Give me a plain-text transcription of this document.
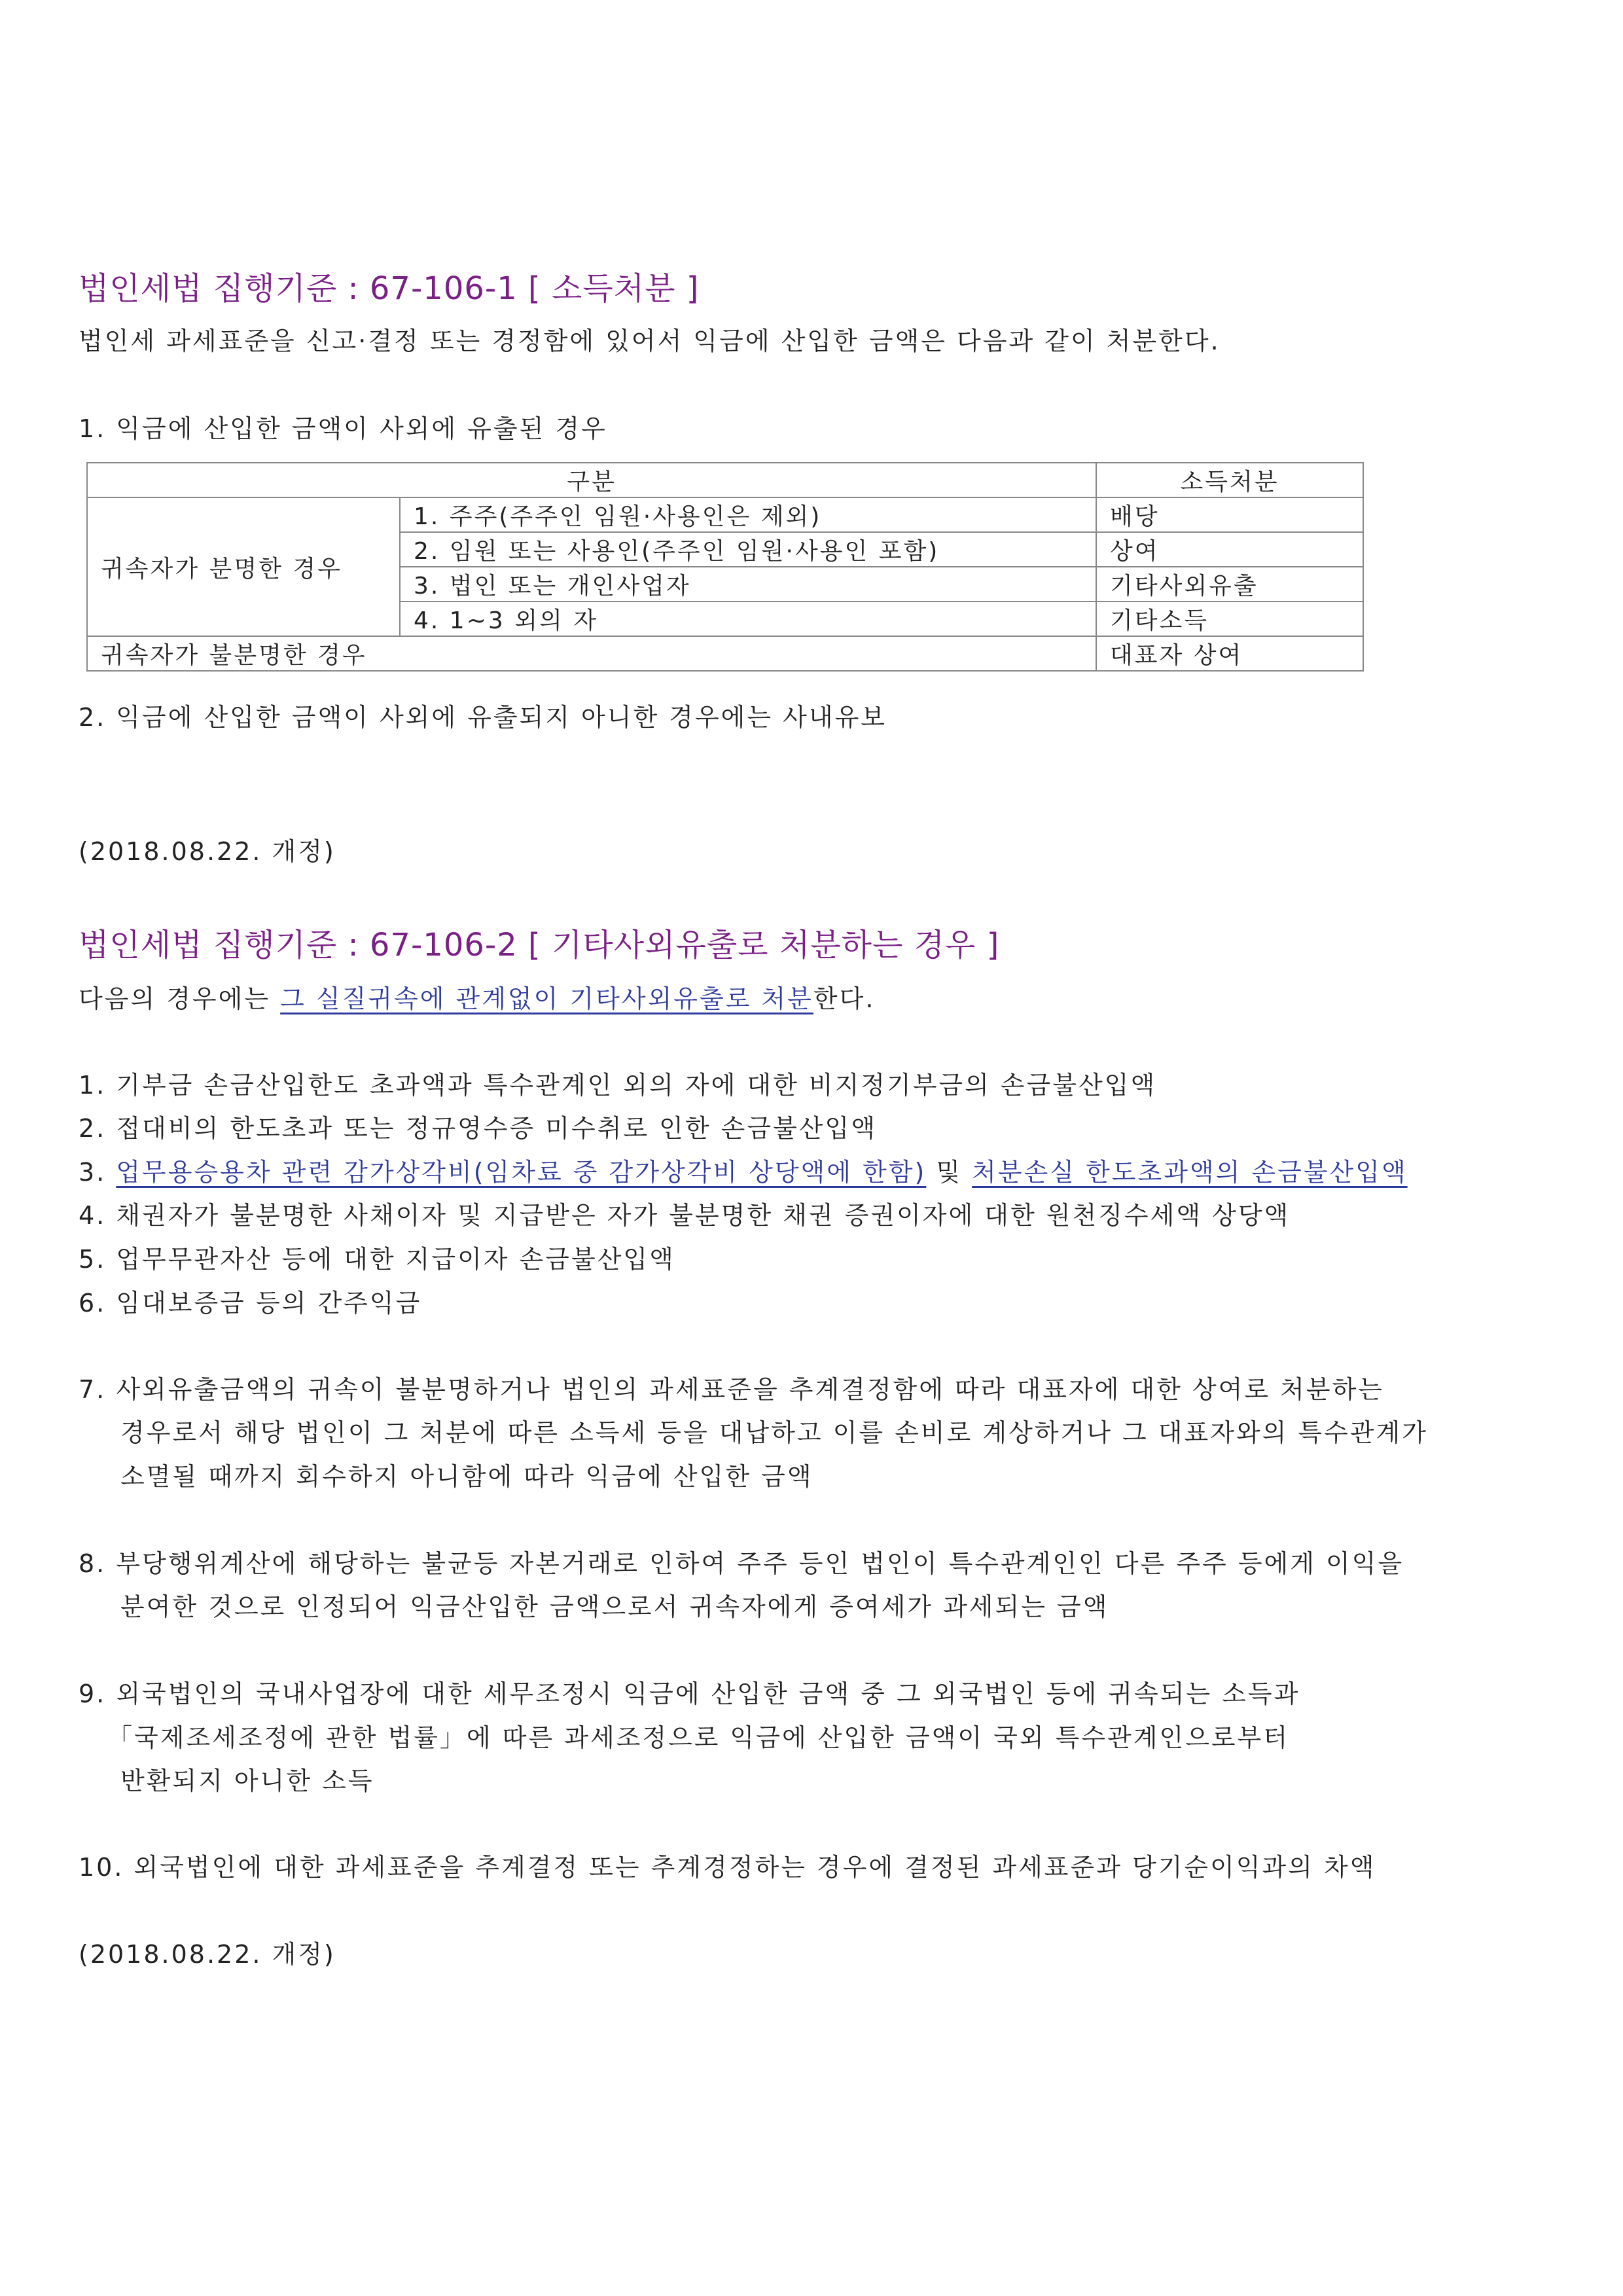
법인세법 집행기준 : 67-106-1 [ 소득처분 ]
법인세 과세표준을 신고·결정 또는 경정함에 있어서 익금에 산입한 금액은 다음과 같이 처분한다.
1. 익금에 산입한 금액이 사외에 유출된 경우
구분		소득처분
귀속자가 분명한 경우	1. 주주(주주인 임원·사용인은 제외)	배당
	2. 임원 또는 사용인(주주인 임원·사용인 포함)	상여
	3. 법인 또는 개인사업자	기타사외유출
	4. 1~3 외의 자	기타소득
귀속자가 불분명한 경우		대표자 상여
2. 익금에 산입한 금액이 사외에 유출되지 아니한 경우에는 사내유보
(2018.08.22. 개정)
법인세법 집행기준 : 67-106-2 [ 기타사외유출로 처분하는 경우 ]
다음의 경우에는 그 실질귀속에 관계없이 기타사외유출로 처분한다.
1. 기부금 손금산입한도 초과액과 특수관계인 외의 자에 대한 비지정기부금의 손금불산입액
2. 접대비의 한도초과 또는 정규영수증 미수취로 인한 손금불산입액
3. 업무용승용차 관련 감가상각비(임차료 중 감가상각비 상당액에 한함) 및 처분손실 한도초과액의 손금불산입액
4. 채권자가 불분명한 사채이자 및 지급받은 자가 불분명한 채권 증권이자에 대한 원천징수세액 상당액
5. 업무무관자산 등에 대한 지급이자 손금불산입액
6. 임대보증금 등의 간주익금
7. 사외유출금액의 귀속이 불분명하거나 법인의 과세표준을 추계결정함에 따라 대표자에 대한 상여로 처분하는
경우로서 해당 법인이 그 처분에 따른 소득세 등을 대납하고 이를 손비로 계상하거나 그 대표자와의 특수관계가
소멸될 때까지 회수하지 아니함에 따라 익금에 산입한 금액
8. 부당행위계산에 해당하는 불균등 자본거래로 인하여 주주 등인 법인이 특수관계인인 다른 주주 등에게 이익을
분여한 것으로 인정되어 익금산입한 금액으로서 귀속자에게 증여세가 과세되는 금액
9. 외국법인의 국내사업장에 대한 세무조정시 익금에 산입한 금액 중 그 외국법인 등에 귀속되는 소득과
「국제조세조정에 관한 법률」에 따른 과세조정으로 익금에 산입한 금액이 국외 특수관계인으로부터
반환되지 아니한 소득
10. 외국법인에 대한 과세표준을 추계결정 또는 추계경정하는 경우에 결정된 과세표준과 당기순이익과의 차액
(2018.08.22. 개정)
